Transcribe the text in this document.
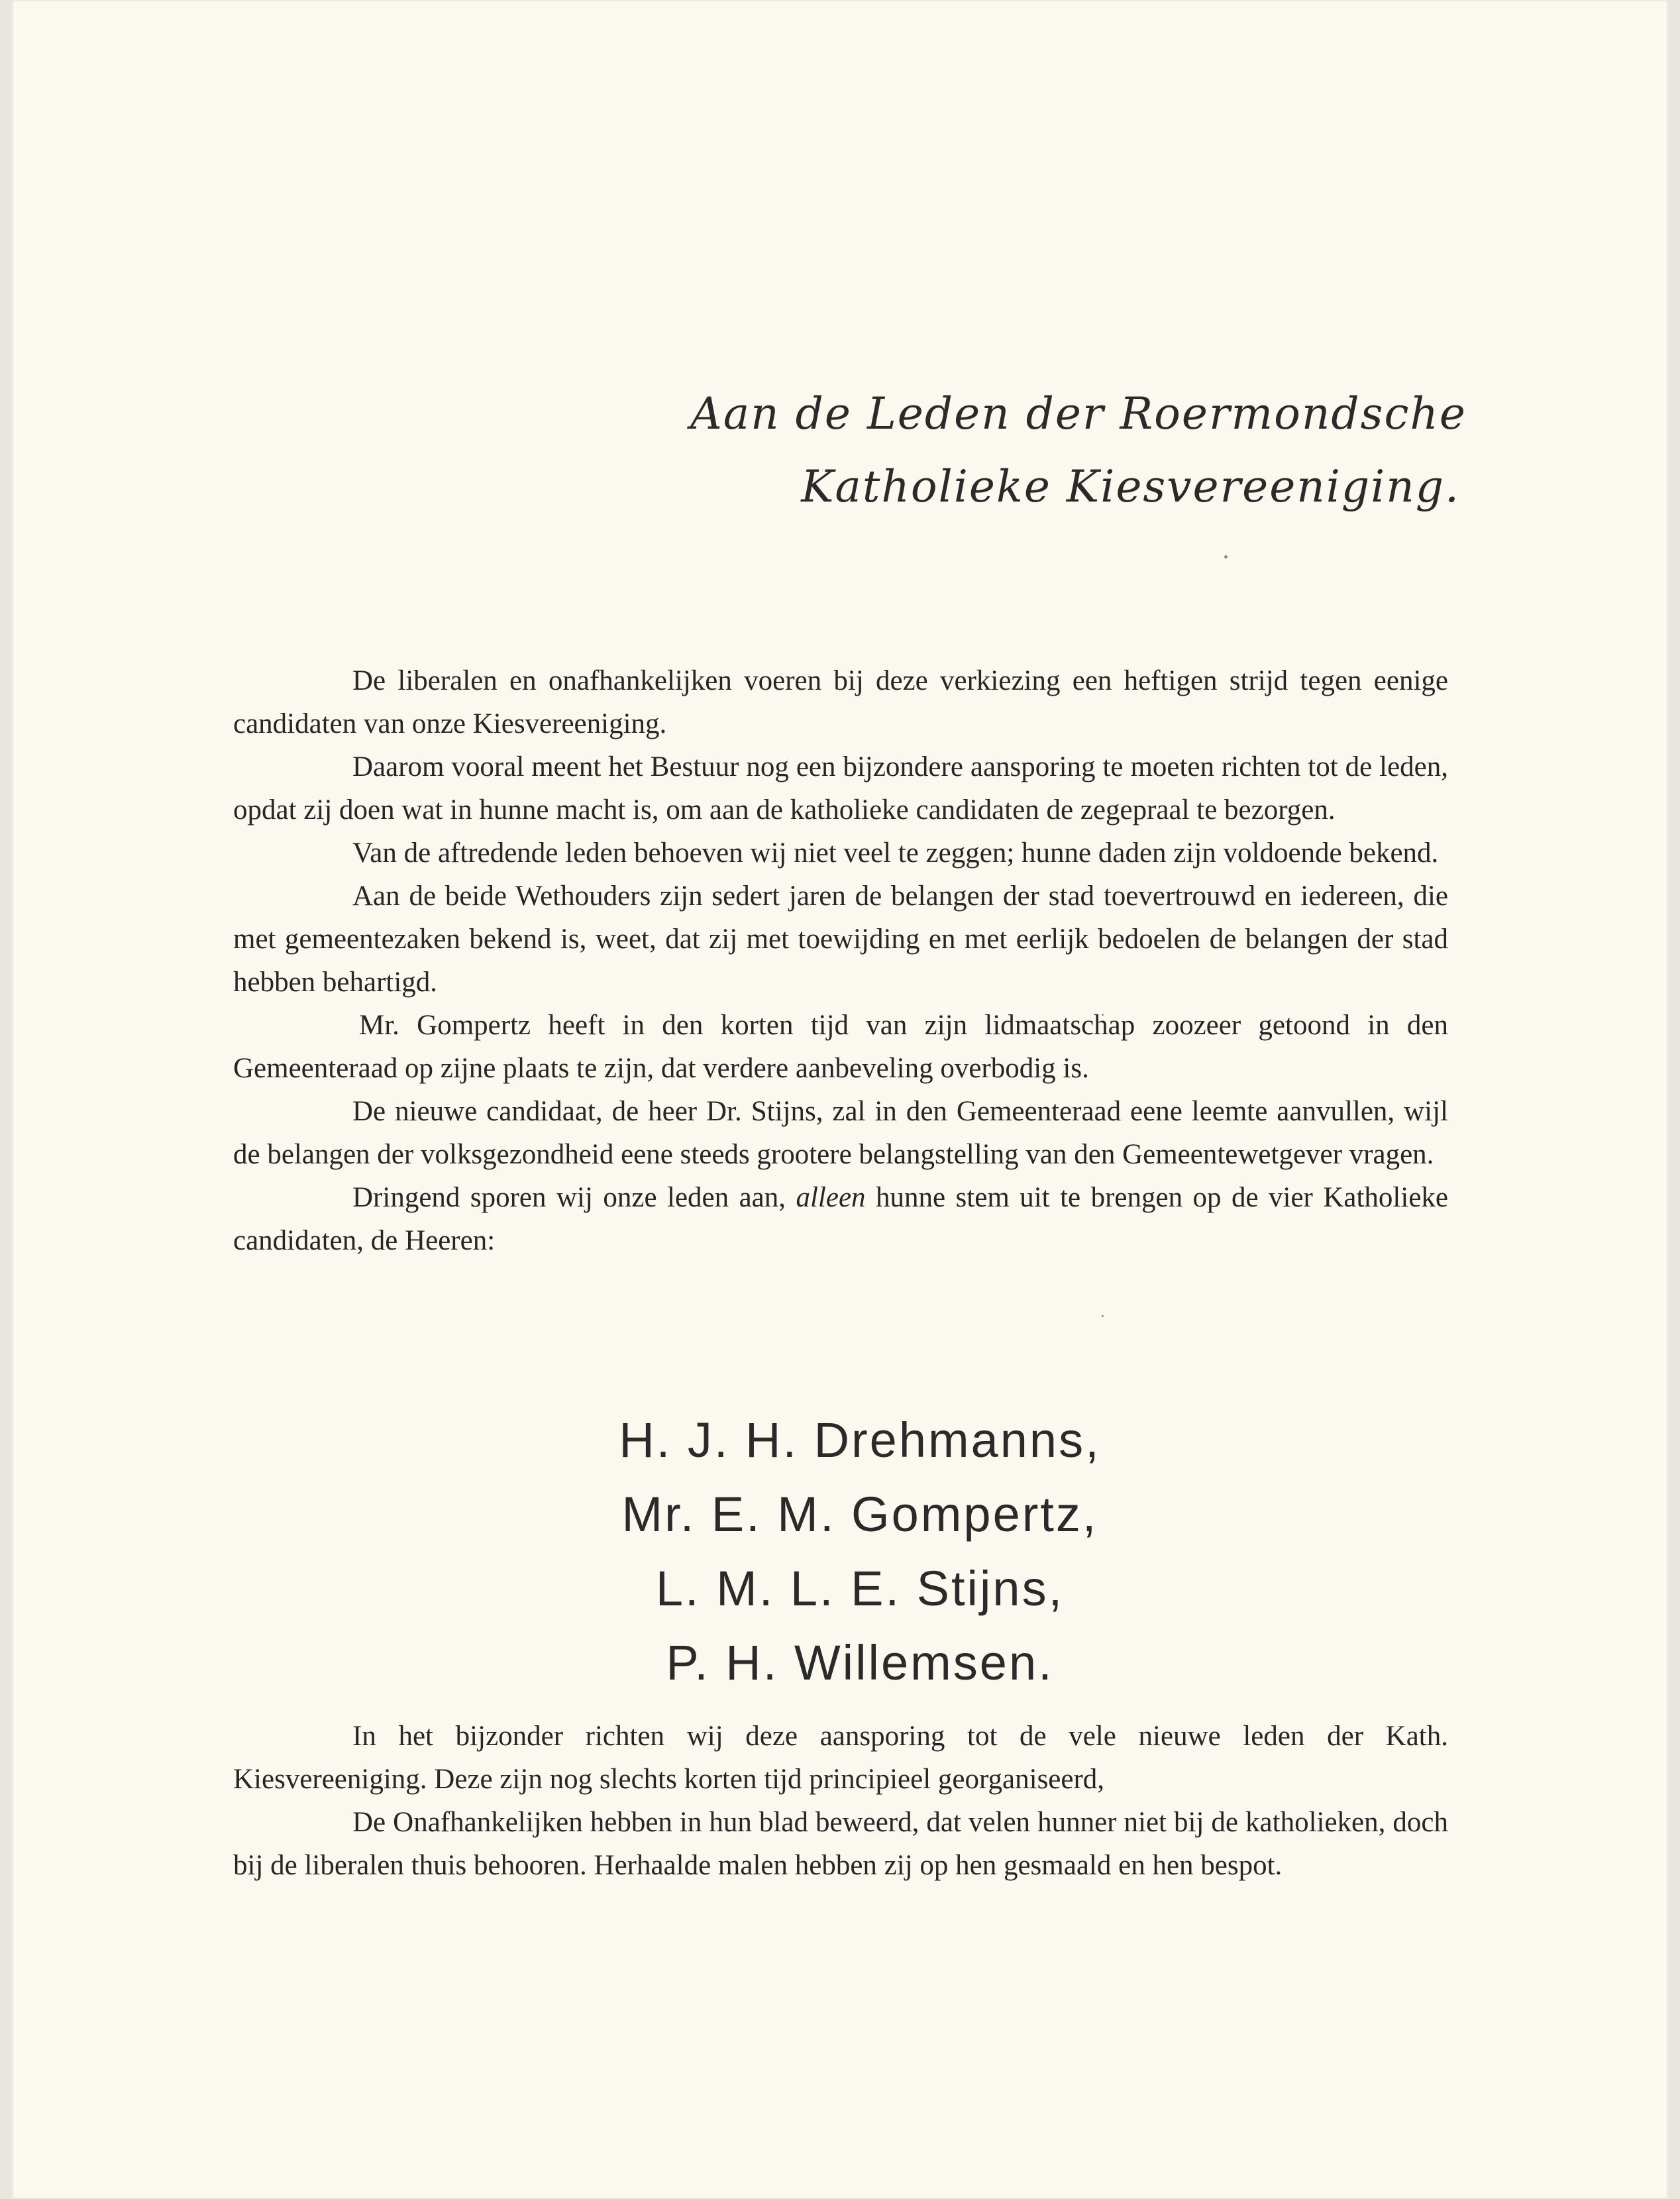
Aan de Leden der Roermondsche
Katholieke Kiesvereeniging.

De liberalen en onafhankelijken voeren bij deze verkiezing een heftigen strijd tegen eenige candidaten van onze Kiesvereeniging.

Daarom vooral meent het Bestuur nog een bijzondere aansporing te moeten richten tot de leden, opdat zij doen wat in hunne macht is, om aan de katholieke candidaten de zegepraal te bezorgen.

Van de aftredende leden behoeven wij niet veel te zeggen; hunne daden zijn voldoende bekend.

Aan de beide Wethouders zijn sedert jaren de belangen der stad toevertrouwd en iedereen, die met gemeentezaken bekend is, weet, dat zij met toewijding en met eerlijk bedoelen de belangen der stad hebben behartigd.

Mr. Gompertz heeft in den korten tijd van zijn lidmaatschap zoozeer getoond in den Gemeenteraad op zijne plaats te zijn, dat verdere aanbeveling overbodig is.

De nieuwe candidaat, de heer Dr. Stijns, zal in den Gemeenteraad eene leemte aanvullen, wijl de belangen der volksgezondheid eene steeds grootere belangstelling van den Gemeentewetgever vragen.

Dringend sporen wij onze leden aan, alleen hunne stem uit te brengen op de vier Katholieke candidaten, de Heeren:

H. J. H. Drehmanns,
Mr. E. M. Gompertz,
L. M. L. E. Stijns,
P. H. Willemsen.

In het bijzonder richten wij deze aansporing tot de vele nieuwe leden der Kath. Kiesvereeniging. Deze zijn nog slechts korten tijd principieel georganiseerd,

De Onafhankelijken hebben in hun blad beweerd, dat velen hunner niet bij de katholieken, doch bij de liberalen thuis behooren. Herhaalde malen hebben zij op hen gesmaald en hen bespot.
